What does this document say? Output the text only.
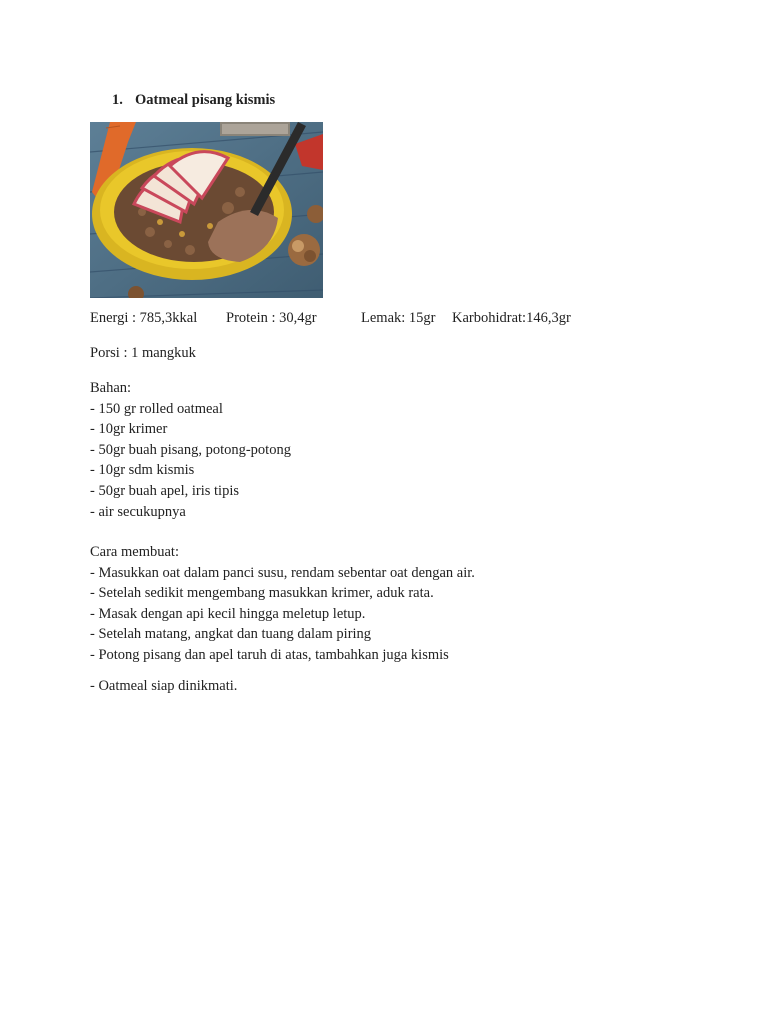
1. Oatmeal pisang kismis
Energi : 785,3kkal Protein : 30,4gr	Lemak: 15gr Karbohidrat:146,3gr
Porsi : 1 mangkuk
Bahan:
- 150 gr rolled oatmeal
- 10gr krimer
- 50gr buah pisang, potong-potong
- 10gr sdm kismis
- 50gr buah apel, iris tipis
- air secukupnya
Cara membuat:
- Masukkan oat dalam panci susu, rendam sebentar oat dengan air.
- Setelah sedikit mengembang masukkan krimer, aduk rata.
- Masak dengan api kecil hingga meletup letup.
- Setelah matang, angkat dan tuang dalam piring
- Potong pisang dan apel taruh di atas, tambahkan juga kismis
- Oatmeal siap dinikmati.
